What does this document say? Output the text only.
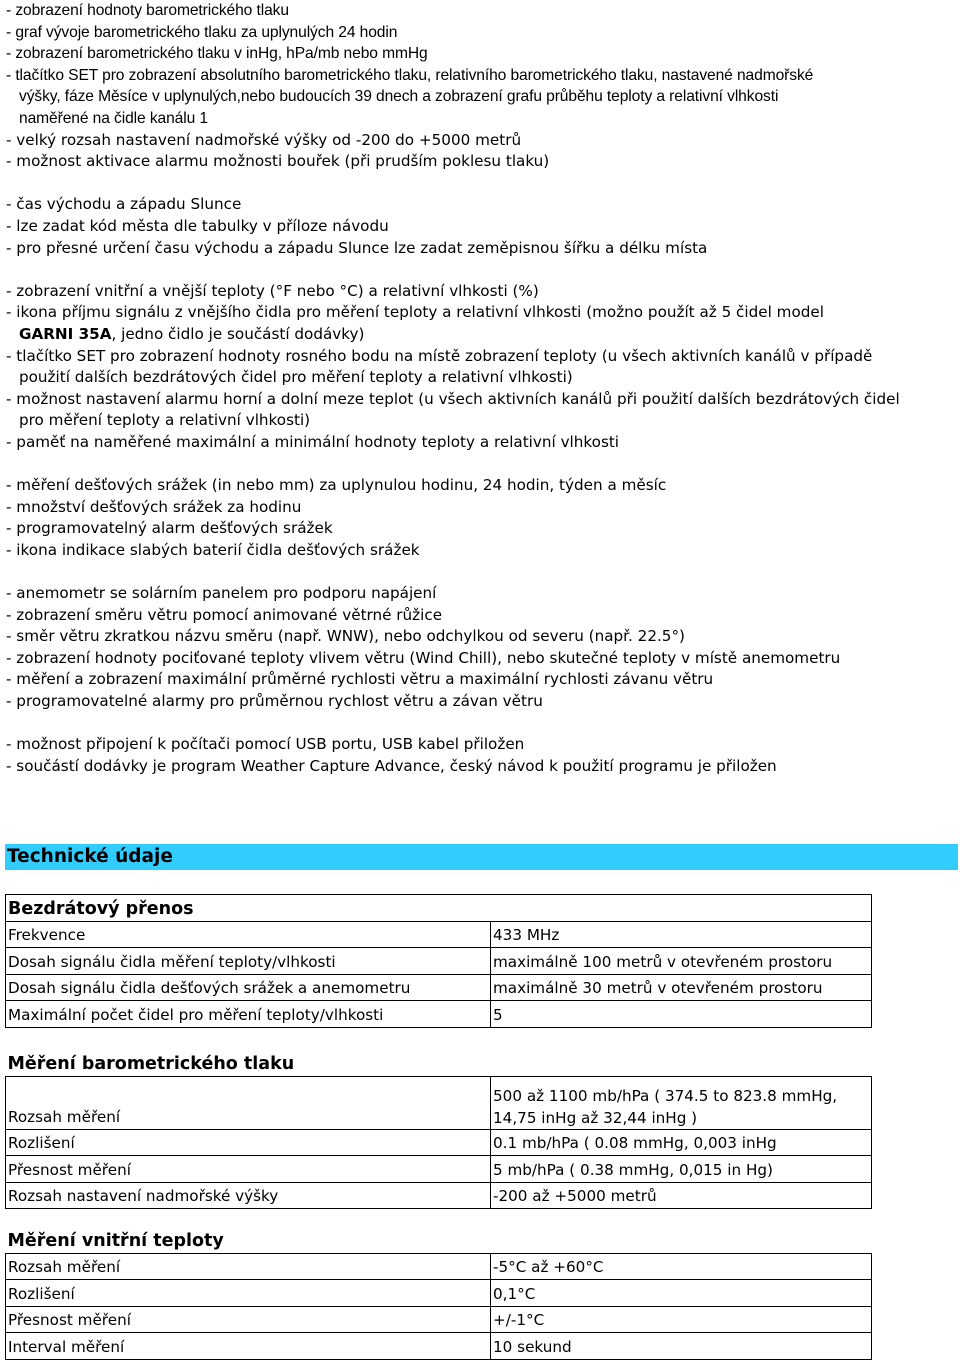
- zobrazení hodnoty barometrického tlaku
- graf vývoje barometrického tlaku za uplynulých 24 hodin
- zobrazení barometrického tlaku v inHg, hPa/mb nebo mmHg
- tlačítko SET pro zobrazení absolutního barometrického tlaku, relativního barometrického tlaku, nastavené nadmořské
výšky, fáze Měsíce v uplynulých,nebo budoucích 39 dnech a zobrazení grafu průběhu teploty a relativní vlhkosti
naměřené na čidle kanálu 1
- velký rozsah nastavení nadmořské výšky od -200 do +5000 metrů
- možnost aktivace alarmu možnosti bouřek (při prudším poklesu tlaku)
- čas východu a západu Slunce
- lze zadat kód města dle tabulky v příloze návodu
- pro přesné určení času východu a západu Slunce lze zadat zeměpisnou šířku a délku místa
- zobrazení vnitřní a vnější teploty (°F nebo °C) a relativní vlhkosti (%)
- ikona příjmu signálu z vnějšího čidla pro měření teploty a relativní vlhkosti (možno použít až 5 čidel model
GARNI 35A, jedno čidlo je součástí dodávky)
- tlačítko SET pro zobrazení hodnoty rosného bodu na místě zobrazení teploty (u všech aktivních kanálů v případě
použití dalších bezdrátových čidel pro měření teploty a relativní vlhkosti)
- možnost nastavení alarmu horní a dolní meze teplot (u všech aktivních kanálů při použití dalších bezdrátových čidel
pro měření teploty a relativní vlhkosti)
- paměť na naměřené maximální a minimální hodnoty teploty a relativní vlhkosti
- měření dešťových srážek (in nebo mm) za uplynulou hodinu, 24 hodin, týden a měsíc
- množství dešťových srážek za hodinu
- programovatelný alarm dešťových srážek
- ikona indikace slabých baterií čidla dešťových srážek
- anemometr se solárním panelem pro podporu napájení
- zobrazení směru větru pomocí animované větrné růžice
- směr větru zkratkou názvu směru (např. WNW), nebo odchylkou od severu (např. 22.5°)
- zobrazení hodnoty pociťované teploty vlivem větru (Wind Chill), nebo skutečné teploty v místě anemometru
- měření a zobrazení maximální průměrné rychlosti větru a maximální rychlosti závanu větru
- programovatelné alarmy pro průměrnou rychlost větru a závan větru
- možnost připojení k počítači pomocí USB portu, USB kabel přiložen
- součástí dodávky je program Weather Capture Advance, český návod k použití programu je přiložen
Technické údaje
Bezdrátový přenos	
Frekvence	433 MHz
Dosah signálu čidla měření teploty/vlhkosti	maximálně 100 metrů v otevřeném prostoru
Dosah signálu čidla dešťových srážek a anemometru	maximálně 30 metrů v otevřeném prostoru
Maximální počet čidel pro měření teploty/vlhkosti	5
Měření barometrického tlaku	
Rozsah měření	500 až 1100 mb/hPa ( 374.5 to 823.8 mmHg, 14,75 inHg až 32,44 inHg )
Rozlišení	0.1 mb/hPa ( 0.08 mmHg, 0,003 inHg
Přesnost měření	5 mb/hPa ( 0.38 mmHg, 0,015 in Hg)
Rozsah nastavení nadmořské výšky	-200 až +5000 metrů
Měření vnitřní teploty	
Rozsah měření	-5°C až +60°C
Rozlišení	0,1°C
Přesnost měření	+/-1°C
Interval měření	10 sekund
